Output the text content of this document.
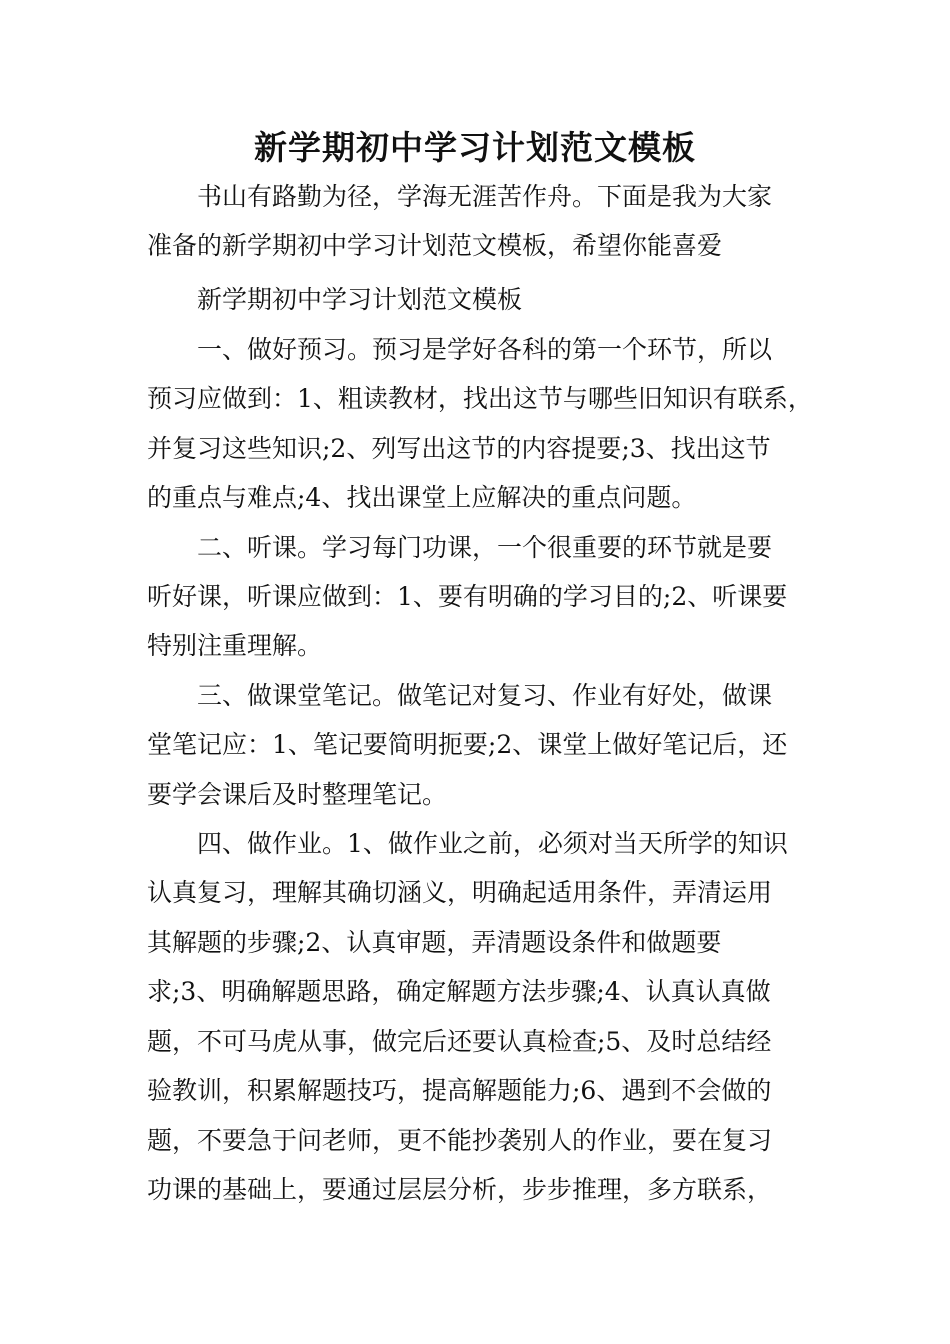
新学期初中学习计划范文模板
书山有路勤为径，学海无涯苦作舟。下面是我为大家
准备的新学期初中学习计划范文模板，希望你能喜爱
新学期初中学习计划范文模板
一、做好预习。预习是学好各科的第一个环节，所以
预习应做到：1、粗读教材，找出这节与哪些旧知识有联系，
并复习这些知识;2、列写出这节的内容提要;3、找出这节
的重点与难点;4、找出课堂上应解决的重点问题。
二、听课。学习每门功课，一个很重要的环节就是要
听好课，听课应做到：1、要有明确的学习目的;2、听课要
特别注重理解。
三、做课堂笔记。做笔记对复习、作业有好处，做课
堂笔记应：1、笔记要简明扼要;2、课堂上做好笔记后，还
要学会课后及时整理笔记。
四、做作业。1、做作业之前，必须对当天所学的知识
认真复习，理解其确切涵义，明确起适用条件，弄清运用
其解题的步骤;2、认真审题，弄清题设条件和做题要
求;3、明确解题思路，确定解题方法步骤;4、认真认真做
题，不可马虎从事，做完后还要认真检查;5、及时总结经
验教训，积累解题技巧，提高解题能力;6、遇到不会做的
题，不要急于问老师，更不能抄袭别人的作业，要在复习
功课的基础上，要通过层层分析，步步推理，多方联系，
